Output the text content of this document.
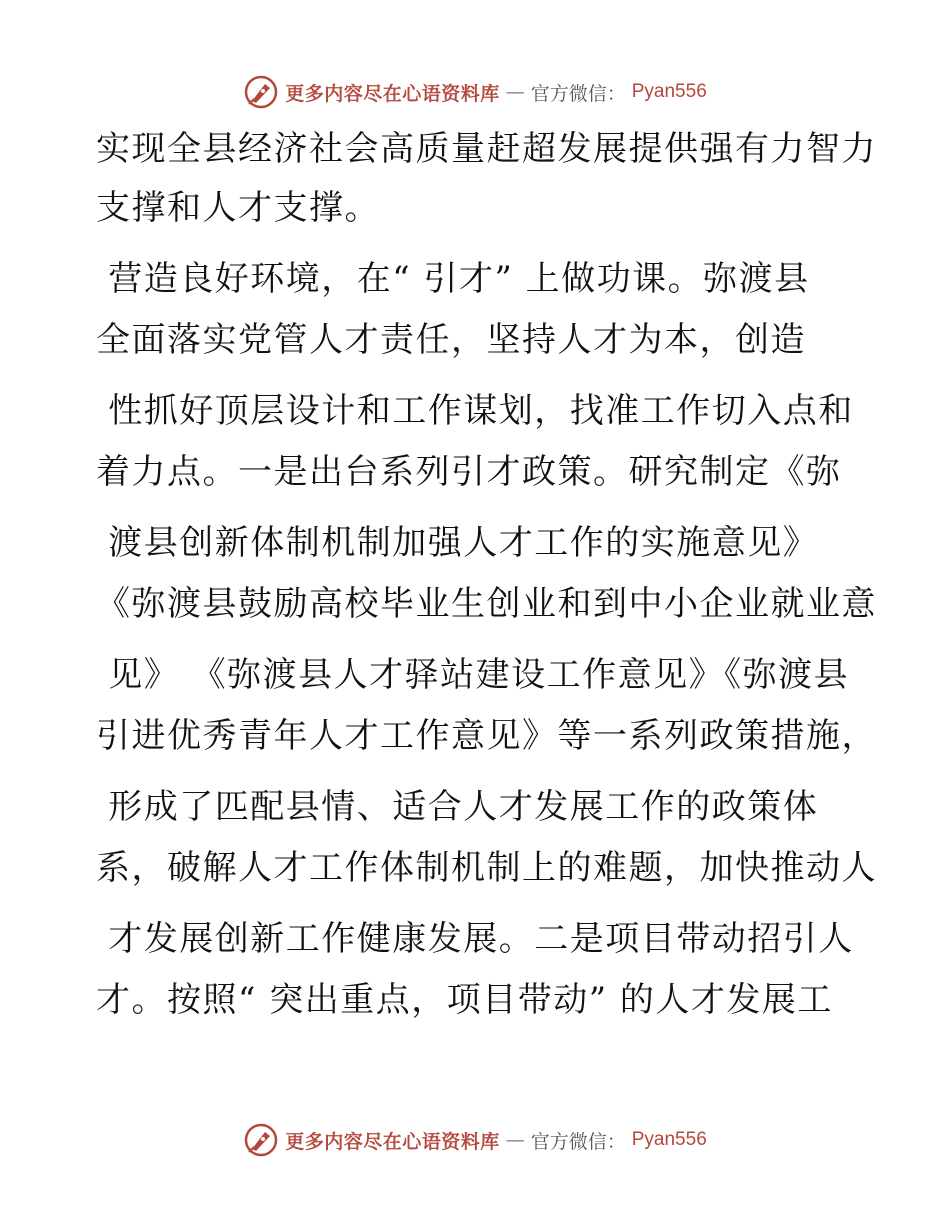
更多内容尽在心语资料库 — 官方微信： Pyan556
实现全县经济社会高质量赶超发展提供强有力智力
支撑和人才支撑。
营造良好环境，在“ 引才” 上做功课。弥渡县
全面落实党管人才责任，坚持人才为本，创造
性抓好顶层设计和工作谋划，找准工作切入点和
着力点。一是出台系列引才政策。研究制定《弥
渡县创新体制机制加强人才工作的实施意见》
《弥渡县鼓励高校毕业生创业和到中小企业就业意
见》 《弥渡县人才驿站建设工作意见》《弥渡县
引进优秀青年人才工作意见》等一系列政策措施，
形成了匹配县情、适合人才发展工作的政策体
系，破解人才工作体制机制上的难题，加快推动人
才发展创新工作健康发展。二是项目带动招引人
才。按照“ 突出重点，项目带动” 的人才发展工
更多内容尽在心语资料库 — 官方微信： Pyan556
